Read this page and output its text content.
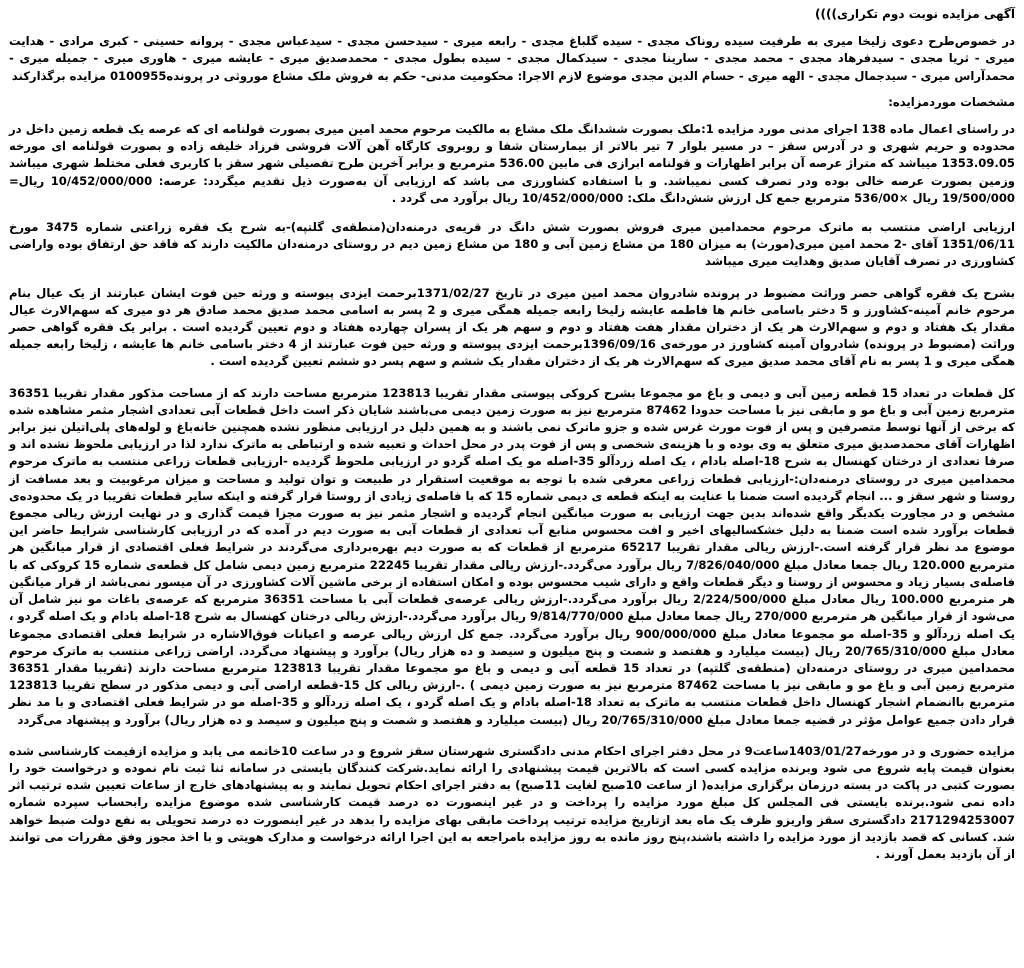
آگهی مزایده نوبت دوم تکراری))))

در خصوص‌طرح دعوی زلیخا میری به طرفیت سیده روناک مجدی - سیده گلباغ مجدی - رابعه میری - سیدحسن مجدی - سیدعباس مجدی - پروانه حسینی - کبری مرادی - هدایت میری - ثریا مجدی - سیدفرهاد مجدی - محمد مجدی - سارینا مجدی - سیدکمال مجدی - سیده بطول مجدی - محمدصدیق میری - عایشه میری - هاوری میری - جمیله میری - محمدآراس میری - سیدجمال مجدی - الهه میری - حسام الدین مجدی موضوع لازم الاجرا: محکومیت مدنی- حکم به فروش ملک مشاع موروثی در پرونده0100955 مزایده برگذارکند

مشخصات موردمزایده:

در راستای اعمال ماده 138 اجرای مدنی مورد مزایده 1:ملک بصورت ششدانگ ملک مشاع به مالکیت مرحوم محمد امین میری بصورت قولنامه ای که عرصه یک قطعه زمین داخل در محدوده و حریم شهری و در آدرس سقز – در مسیر بلوار 7 تیر بالاتر از بیمارستان شفا و روبروی کارگاه آهن آلات فروشی فرزاد خلیفه زاده و بصورت قولنامه ای مورخه 1353.09.05 میباشد که متراژ عرصه آن برابر اظهارات و قولنامه ابرازی فی مابین 536.00 مترمربع و برابر آخرین طرح تفصیلی شهر سقز با کاربری فعلی مختلط شهری میباشد وزمین بصورت عرصه خالی بوده ودر تصرف کسی نمیباشد. و با استفاده کشاورزی می باشد که ارزیابی آن به‌صورت ذیل تقدیم میگردد: عرصه: 10/452/000/000 ریال= 19/500/000 ریال ×536/00 مترمربع جمع کل ارزش شش‌دانگ ملک: 10/452/000/000 ریال برآورد می گردد .

ارزیابی اراضی منتسب به ماترک مرحوم محمدامین میری فروش بصورت شش دانگ در قریه‌ی درمنه‌دان(منطقه‌ی گلتپه)-به شرح یک فقره زراعتی شماره 3475 مورخ 1351/06/11 آقای -2 محمد امین میری(مورث) به میزان 180 من مشاع زمین آبی و 180 من مشاع زمین دیم در روستای درمنه‌دان مالکیت دارند که فاقد حق ارتفاق بوده واراضی کشاورزی در تصرف آقایان صدیق وهدایت میری میباشد

بشرح یک فقره گواهی حصر وراثت مضبوط در پرونده شادروان محمد امین میری در تاریخ 1371/02/27برحمت ایزدی پیوسته و ورثه حین فوت ایشان عبارتند از یک عیال بنام مرحوم خانم آمینه-کشاورز و 5 دختر باسامی خانم ها فاطمه عایشه زلیخا رابعه جمیله همگی میری و 2 پسر به اسامی محمد صدیق محمد صادق هر دو میری که سهم‌الارث عیال مقدار یک هفتاد و دوم و سهم‌الارث هر یک از دختران مقدار هفت هفتاد و دوم و سهم هر یک از پسران چهارده هفتاد و دوم تعیین گردیده است . برابر یک فقره گواهی حصر وراثت (مضبوط در پرونده) شادروان آمینه کشاورز در مورخه‌ی 1396/09/16برحمت ایزدی پیوسته و ورثه حین فوت عبارتند از 4 دختر باسامی خانم ها عایشه ، زلیخا رابعه جمیله همگی میری و 1 پسر به نام آقای محمد صدیق میری که سهم‌الارث هر یک از دختران مقدار یک ششم و سهم پسر دو ششم تعیین گردیده است .

کل قطعات در تعداد 15 قطعه زمین آبی و دیمی و باغ مو مجموعا بشرح کروکی پیوستی مقدار تقریبا 123813 مترمربع مساحت دارند که از مساحت مذکور مقدار تقریبا 36351 مترمربع زمین آبی و باغ مو و مابقی نیز با مساحت حدودا 87462 مترمربع نیز به صورت زمین دیمی می‌باشند شایان ذکر است داخل قطعات آبی تعدادی اشجار مثمر مشاهده شده که برخی از آنها توسط متصرفین و پس از فوت مورث غرس شده و جزو ماترک نمی باشند و به همین دلیل در ارزیابی منظور نشده همچنین خانه‌باغ و لوله‌های پلی‌اتیلن نیز برابر اظهارات آقای محمدصدیق میری متعلق به وی بوده و با هزینه‌ی شخصی و پس از فوت پدر در محل احداث و تعبیه شده و ارتباطی به ماترک ندارد لذا در ارزیابی ملحوظ نشده اند و صرفا تعدادی از درختان کهنسال به شرح 18-اصله بادام ، یک اصله زردآلو 35-اصله مو یک اصله گردو در ارزیابی ملحوظ گردیده -ارزیابی قطعات زراعی منتسب به ماترک مرحوم محمدامین میری در روستای درمنه‌دان:-ارزیابی قطعات زراعی معرفی شده با توجه به موقعیت استقرار در طبیعت و توان تولید و مساحت و میزان مرغوبیت و بعد مسافت از روستا و شهر سقز و ... انجام گردیده است ضمنا با عنایت به اینکه قطعه ی دیمی شماره 15 که با فاصله‌ی زیادی از روستا قرار گرفته و اینکه سایر قطعات تقریبا در یک محدوده‌ی مشخص و در مجاورت یکدیگر واقع شده‌اند بدین جهت ارزیابی به صورت میانگین انجام گردیده و اشجار مثمر نیز به صورت مجزا قیمت گذاری و در نهایت ارزش ریالی مجموع قطعات برآورد شده است ضمنا به دلیل خشکسالیهای اخیر و افت محسوس منابع آب تعدادی از قطعات آبی به صورت دیم در آمده که در ارزیابی کارشناسی شرایط حاضر این موضوع مد نظر قرار گرفته است.-ارزش ریالی مقدار تقریبا 65217 مترمربع از قطعات که به صورت دیم بهره‌برداری می‌گردند در شرایط فعلی اقتصادی از قرار میانگین هر مترمربع 120.000 ریال جمعا معادل مبلغ 7/826/040/000 ریال برآورد می‌گردد.-ارزش ریالی مقدار تقریبا 22245 مترمربع زمین دیمی شامل کل قطعه‌ی شماره 15 کروکی که با فاصله‌ی بسیار زیاد و محسوس از روستا و دیگر قطعات واقع و دارای شیب محسوس بوده و امکان استفاده از برخی ماشین آلات کشاورزی در آن میسور نمی‌باشد از قرار میانگین هر مترمربع 100.000 ریال معادل مبلغ 2/224/500/000 ریال برآورد می‌گردد.-ارزش ریالی عرصه‌ی قطعات آبی با مساحت 36351 مترمربع که عرصه‌ی باغات مو نیز شامل آن می‌شود از قرار میانگین هر مترمربع 270/000 ریال جمعا معادل مبلغ 9/814/770/000 ریال برآورد می‌گردد.-ارزش ریالی درختان کهنسال به شرح 18-اصله بادام و یک اصله گردو ، یک اصله زردآلو و 35-اصله مو مجموعا معادل مبلغ 900/000/000 ریال برآورد می‌گردد. جمع کل ارزش ریالی عرصه و اعیانات فوق‌الاشاره در شرایط فعلی اقتصادی مجموعا معادل مبلغ 20/765/310/000 ریال (بیست میلیارد و هفتصد و شصت و پنج میلیون و سیصد و ده هزار ریال) برآورد و پیشنهاد می‌گردد. اراضی زراعی منتسب به ماترک مرحوم محمدامین میری در روستای درمنه‌دان (منطقه‌ی گلتپه) در تعداد 15 قطعه آبی و دیمی و باغ مو مجموعا مقدار تقریبا 123813 مترمربع مساحت دارند (تقریبا مقدار 36351 مترمربع زمین آبی و باغ مو و مابقی نیز با مساحت 87462 مترمربع نیز به صورت زمین دیمی ) .-ارزش ریالی کل 15-قطعه اراضی آبی و دیمی مذکور در سطح تقریبا 123813 مترمربع باانضمام اشجار کهنسال داخل قطعات منتسب به ماترک به تعداد 18-اصله بادام و یک اصله گردو ، یک اصله زردآلو و 35-اصله مو در شرایط فعلی اقتصادی و با مد نظر قرار دادن جمیع عوامل مؤثر در قضیه جمعا معادل مبلغ 20/765/310/000 ریال (بیست میلیارد و هفتصد و شصت و پنج میلیون و سیصد و ده هزار ریال) برآورد و پیشنهاد می‌گردد

مزایده حضوری و در مورخه1403/01/27ساعت9 در محل دفتر اجرای احکام مدنی دادگستری شهرستان سقز شروع و در ساعت 10خاتمه می یابد و مزایده ازقیمت کارشناسی شده بعنوان قیمت پایه شروع می شود وبرنده مزایده کسی است که بالاترین قیمت پیشنهادی را ارائه نماید.شرکت کنندگان بایستی در سامانه ثنا ثبت نام نموده و درخواست خود را بصورت کتبی در پاکت در بسته درزمان برگزاری مزایده( از ساعت 10صبح لغایت 11صبح) به دفتر اجرای احکام تحویل نمایند و به پیشنهادهای خارج از ساعات تعیین شده ترتیب اثر داده نمی شود.برنده بایستی فی المجلس کل مبلغ مورد مزایده را پرداخت و در غیر اینصورت ده درصد قیمت کارشناسی شده موضوع مزایده رابحساب سپرده شماره 2171294253007 دادگستری سقز واریزو ظرف یک ماه بعد ازتاریخ مزایده ترتیب پرداخت مابقی بهای مزایده را بدهد در غیر اینصورت ده درصد تحویلی به نفع دولت ضبط خواهد شد. کسانی که قصد بازدید از مورد مزایده را داشته باشند،پنج روز مانده به روز مزایده بامراجعه به این اجرا ارائه درخواست و مدارک هویتی و با اخذ مجوز وفق مقررات می توانند از آن بازدید بعمل آورند .
